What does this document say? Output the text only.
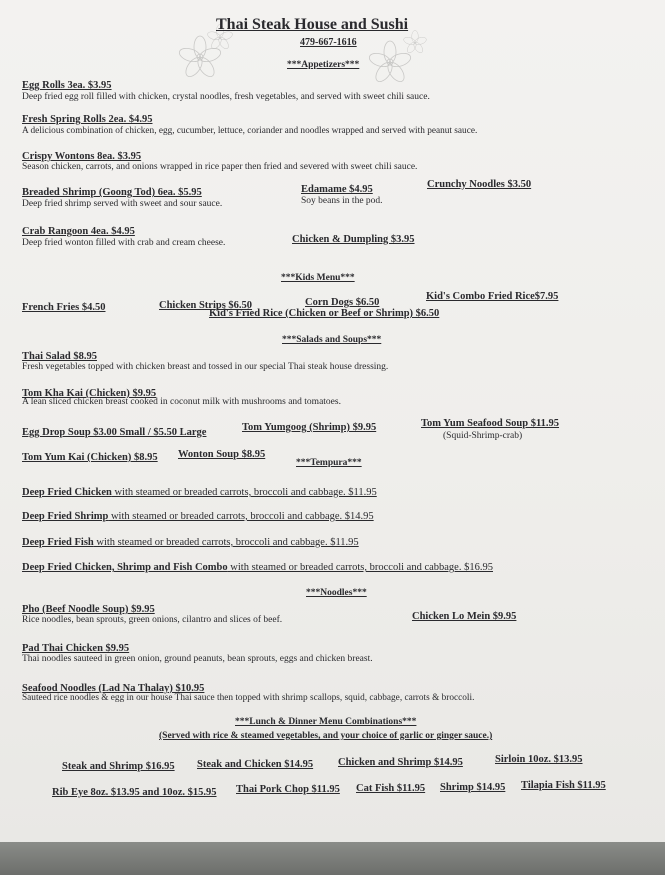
Thai Steak House and Sushi
479-667-1616
***Appetizers***
Egg Rolls 3ea. $3.95
Deep fried egg roll filled with chicken, crystal noodles, fresh vegetables, and served with sweet chili sauce.
Fresh Spring Rolls 2ea. $4.95
A delicious combination of chicken, egg, cucumber, lettuce, coriander and noodles wrapped and served with peanut sauce.
Crispy Wontons 8ea. $3.95
Season chicken, carrots, and onions wrapped in rice paper then fried and severed with sweet chili sauce.
Breaded Shrimp (Goong Tod) 6ea. $5.95
Deep fried shrimp served with sweet and sour sauce.
Edamame $4.95
Soy beans in the pod.
Crunchy Noodles $3.50
Crab Rangoon 4ea. $4.95
Deep fried wonton filled with crab and cream cheese.	Chicken & Dumpling $3.95
***Kids Menu***
French Fries $4.50	Chicken Strips $6.50	Corn Dogs $6.50
Kid's Combo Fried Rice$7.95
Kid's Fried Rice (Chicken or Beef or Shrimp) $6.50
***Salads and Soups***
Thai Salad $8.95
Fresh vegetables topped with chicken breast and tossed in our special Thai steak house dressing.
Tom Kha Kai (Chicken) $9.95
A lean sliced chicken breast cooked in coconut milk with mushrooms and tomatoes.
Egg Drop Soup $3.00 Small / $5.50 Large	Tom Yumgoog (Shrimp) $9.95	Tom Yum Seafood Soup $11.95
(Squid-Shrimp-crab)
Tom Yum Kai (Chicken) $8.95 Wonton Soup $8.95
***Tempura***
Deep Fried Chicken with steamed or breaded carrots, broccoli and cabbage. $11.95
Deep Fried Shrimp with steamed or breaded carrots, broccoli and cabbage. $14.95
Deep Fried Fish with steamed or breaded carrots, broccoli and cabbage. $11.95
Deep Fried Chicken, Shrimp and Fish Combo with steamed or breaded carrots, broccoli and cabbage. $16.95
***Noodles***
Pho (Beef Noodle Soup) $9.95
Rice noodles, bean sprouts, green onions, cilantro and slices of beef.	Chicken Lo Mein $9.95
Pad Thai Chicken $9.95
Thai noodles sauteed in green onion, ground peanuts, bean sprouts, eggs and chicken breast.
Seafood Noodles (Lad Na Thalay) $10.95
Sauteed rice noodles & egg in our house Thai sauce then topped with shrimp scallops, squid, cabbage, carrots & broccoli.
***Lunch & Dinner Menu Combinations***
(Served with rice & steamed vegetables, and your choice of garlic or ginger sauce.)
Steak and Shrimp $16.95 Steak and Chicken $14.95 Chicken and Shrimp $14.95	Sirloin 10oz. $13.95
Rib Eye 8oz. $13.95 and 10oz. $15.95 Thai Pork Chop $11.95 Cat Fish $11.95 Shrimp $14.95 Tilapia Fish $11.95
